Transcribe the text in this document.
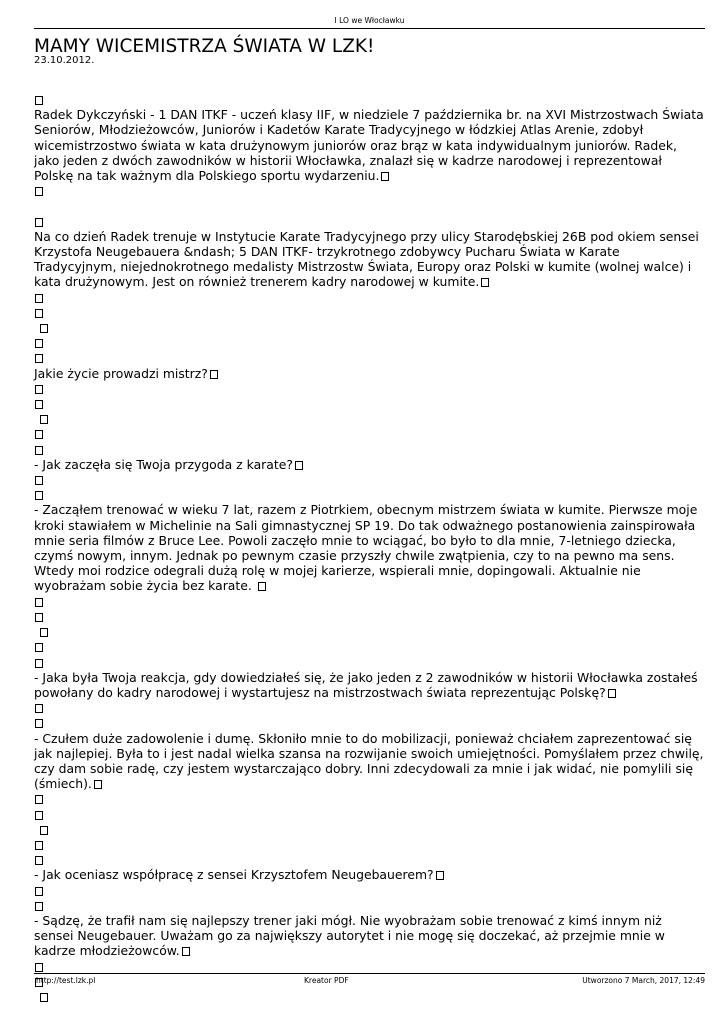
I LO we Włocławku
MAMY WICEMISTRZA ŚWIATA W LZK!
23.10.2012.

Radek Dykczyński - 1 DAN ITKF - uczeń klasy IIF, w niedziele 7 października br. na XVI Mistrzostwach Świata Seniorów, Młodzieżowców, Juniorów i Kadetów Karate Tradycyjnego w łódzkiej Atlas Arenie, zdobył wicemistrzostwo świata w kata drużynowym juniorów oraz brąz w kata indywidualnym juniorów. Radek, jako jeden z dwóch zawodników w historii Włocławka, znalazł się w kadrze narodowej i reprezentował Polskę na tak ważnym dla Polskiego sportu wydarzeniu.

Na co dzień Radek trenuje w Instytucie Karate Tradycyjnego przy ulicy Starodębskiej 26B pod okiem sensei Krzystofa Neugebauera &ndash; 5 DAN ITKF- trzykrotnego zdobywcy Pucharu Świata w Karate Tradycyjnym, niejednokrotnego medalisty Mistrzostw Świata, Europy oraz Polski w kumite (wolnej walce) i kata drużynowym. Jest on również trenerem kadry narodowej w kumite.

Jakie życie prowadzi mistrz?

- Jak zaczęła się Twoja przygoda z karate?

- Zacząłem trenować w wieku 7 lat, razem z Piotrkiem, obecnym mistrzem świata w kumite. Pierwsze moje kroki stawiałem w Michelinie na Sali gimnastycznej SP 19. Do tak odważnego postanowienia zainspirowała mnie seria filmów z Bruce Lee. Powoli zaczęło mnie to wciągać, bo było to dla mnie, 7-letniego dziecka, czymś nowym, innym. Jednak po pewnym czasie przyszły chwile zwątpienia, czy to na pewno ma sens. Wtedy moi rodzice odegrali dużą rolę w mojej karierze, wspierali mnie, dopingowali. Aktualnie nie wyobrażam sobie życia bez karate.

- Jaka była Twoja reakcja, gdy dowiedziałeś się, że jako jeden z 2 zawodników w historii Włocławka zostałeś powołany do kadry narodowej i wystartujesz na mistrzostwach świata reprezentując Polskę?

- Czułem duże zadowolenie i dumę. Skłoniło mnie to do mobilizacji, ponieważ chciałem zaprezentować się jak najlepiej. Była to i jest nadal wielka szansa na rozwijanie swoich umiejętności. Pomyślałem przez chwilę, czy dam sobie radę, czy jestem wystarczająco dobry. Inni zdecydowali za mnie i jak widać, nie pomylili się (śmiech).

- Jak oceniasz współpracę z sensei Krzysztofem Neugebauerem?

- Sądzę, że trafił nam się najlepszy trener jaki mógł. Nie wyobrażam sobie trenować z kimś innym niż sensei Neugebauer. Uważam go za największy autorytet i nie mogę się doczekać, aż przejmie mnie w kadrze młodzieżowców.

http://test.lzk.pl	Kreator PDF	Utworzono 7 March, 2017, 12:49
